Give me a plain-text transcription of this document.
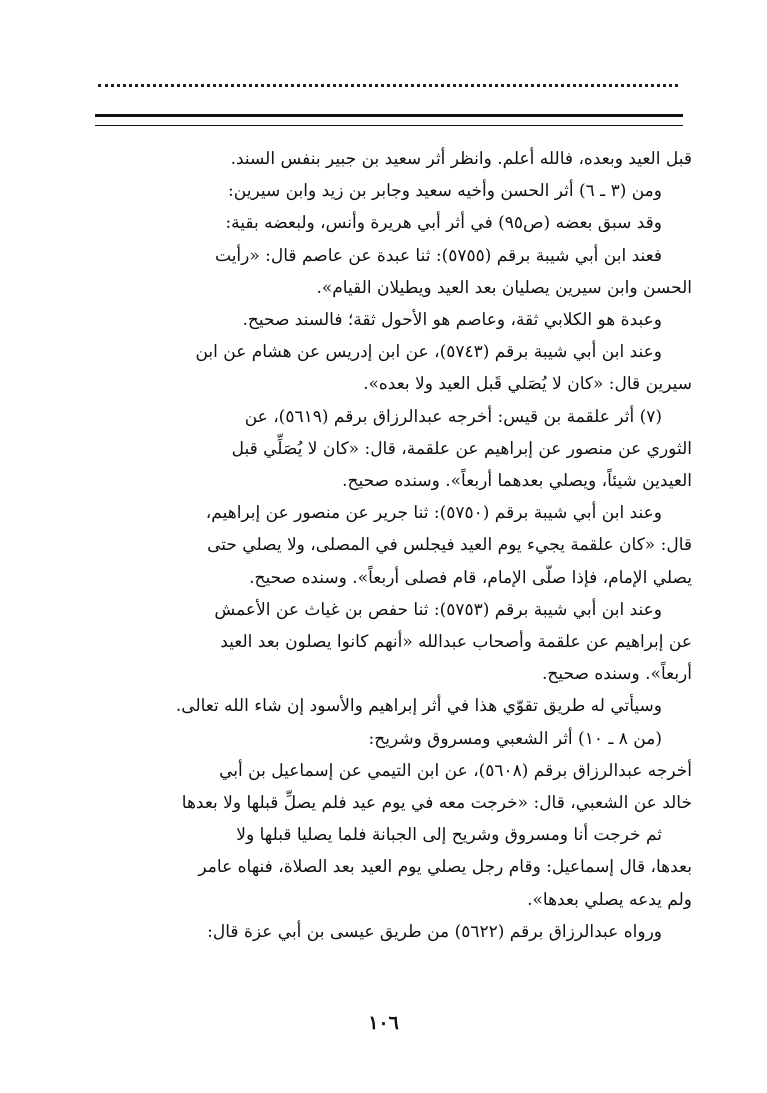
قبل العيد وبعده، فالله أعلم. وانظر أثر سعيد بن جبير بنفس السند.
ومن (٣ ـ ٦) أثر الحسن وأخيه سعيد وجابر بن زيد وابن سيرين:
وقد سبق بعضه (ص٩٥) في أثر أبي هريرة وأنس، ولبعضه بقية:
فعند ابن أبي شيبة برقم (٥٧٥٥): ثنا عبدة عن عاصم قال: «رأيت
الحسن وابن سيرين يصليان بعد العيد ويطيلان القيام».
وعبدة هو الكلابي ثقة، وعاصم هو الأحول ثقة؛ فالسند صحيح.
وعند ابن أبي شيبة برقم (٥٧٤٣)، عن ابن إدريس عن هشام عن ابن
سيرين قال: «كان لا يُصَلي قَبل العيد ولا بعده».
(٧) أثر علقمة بن قيس: أخرجه عبدالرزاق برقم (٥٦١٩)، عن
الثوري عن منصور عن إبراهيم عن علقمة، قال: «كان لا يُصَلِّي قبل
العيدين شيئاً، ويصلي بعدهما أربعاً». وسنده صحيح.
وعند ابن أبي شيبة برقم (٥٧٥٠): ثنا جرير عن منصور عن إبراهيم،
قال: «كان علقمة يجيء يوم العيد فيجلس في المصلى، ولا يصلي حتى
يصلي الإمام، فإذا صلّى الإمام، قام فصلى أربعاً». وسنده صحيح.
وعند ابن أبي شيبة برقم (٥٧٥٣): ثنا حفص بن غياث عن الأعمش
عن إبراهيم عن علقمة وأصحاب عبدالله «أنهم كانوا يصلون بعد العيد
أربعاً». وسنده صحيح.
وسيأتي له طريق تقوّي هذا في أثر إبراهيم والأسود إن شاء الله تعالى.
(من ٨ ـ ١٠) أثر الشعبي ومسروق وشريح:
أخرجه عبدالرزاق برقم (٥٦٠٨)، عن ابن التيمي عن إسماعيل بن أبي
خالد عن الشعبي، قال: «خرجت معه في يوم عيد فلم يصلِّ قبلها ولا بعدها
ثم خرجت أنا ومسروق وشريح إلى الجبانة فلما يصليا قبلها ولا
بعدها، قال إسماعيل: وقام رجل يصلي يوم العيد بعد الصلاة، فنهاه عامر
ولم يدعه يصلي بعدها».
ورواه عبدالرزاق برقم (٥٦٢٢) من طريق عيسى بن أبي عزة قال:
١٠٦
